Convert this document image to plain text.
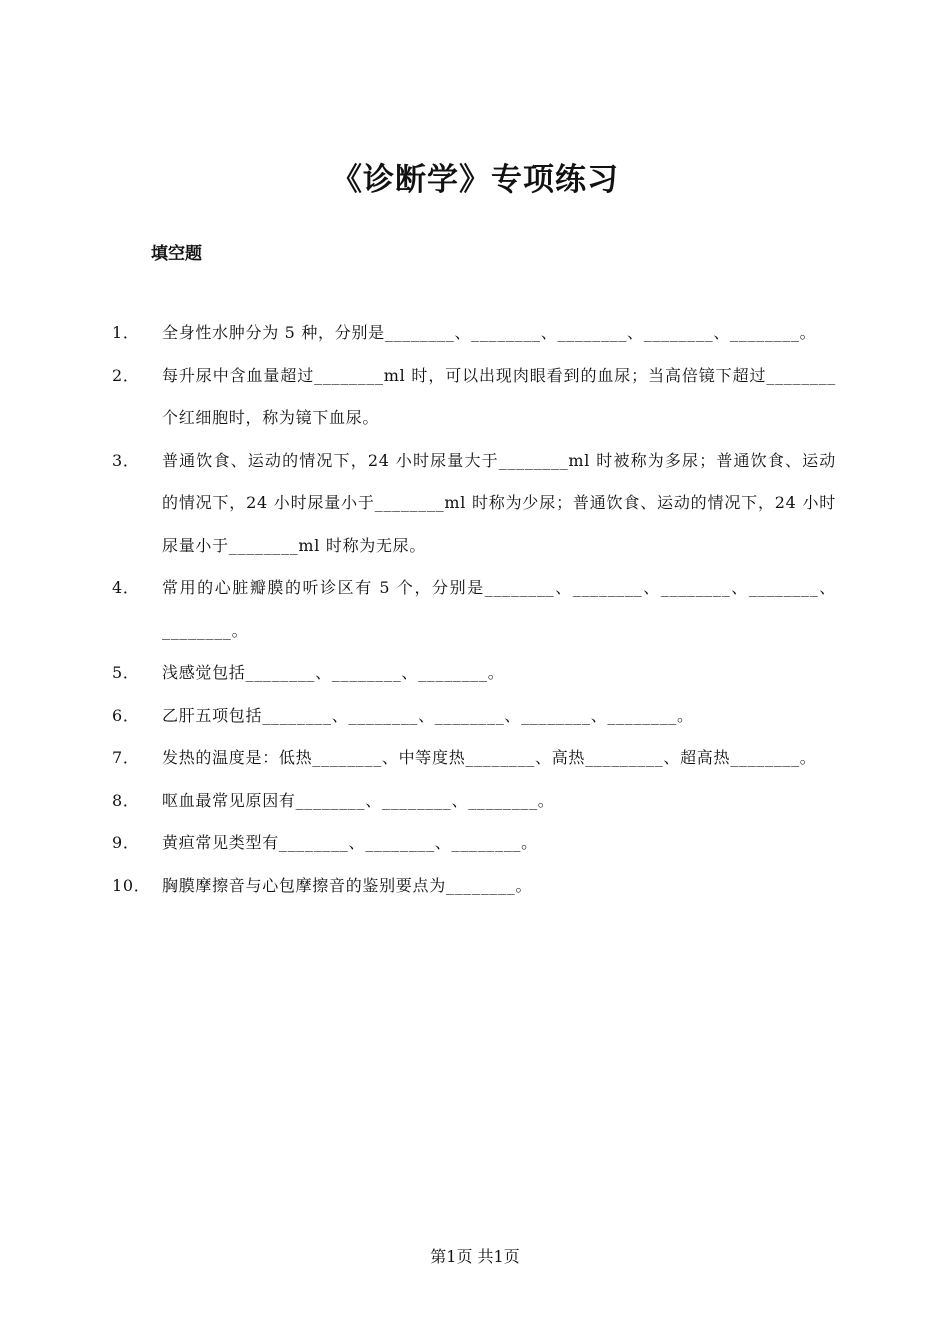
《诊断学》专项练习
填空题
1．	全身性水肿分为 5 种，分别是________、________、________、________、________。
2．	每升尿中含血量超过________ml 时，可以出现肉眼看到的血尿；当高倍镜下超过________个红细胞时，称为镜下血尿。
3．	普通饮食、运动的情况下，24 小时尿量大于________ml 时被称为多尿；普通饮食、运动的情况下，24 小时尿量小于________ml 时称为少尿；普通饮食、运动的情况下，24 小时尿量小于________ml 时称为无尿。
4．	常用的心脏瓣膜的听诊区有 5 个，分别是________、________、________、________、________。
5．	浅感觉包括________、________、________。
6．	乙肝五项包括________、________、________、________、________。
7．	发热的温度是：低热________、中等度热________、高热_________、超高热________。
8．	呕血最常见原因有________、________、________。
9．	黄疸常见类型有________、________、________。
10． 胸膜摩擦音与心包摩擦音的鉴别要点为________。

第1页 共1页
